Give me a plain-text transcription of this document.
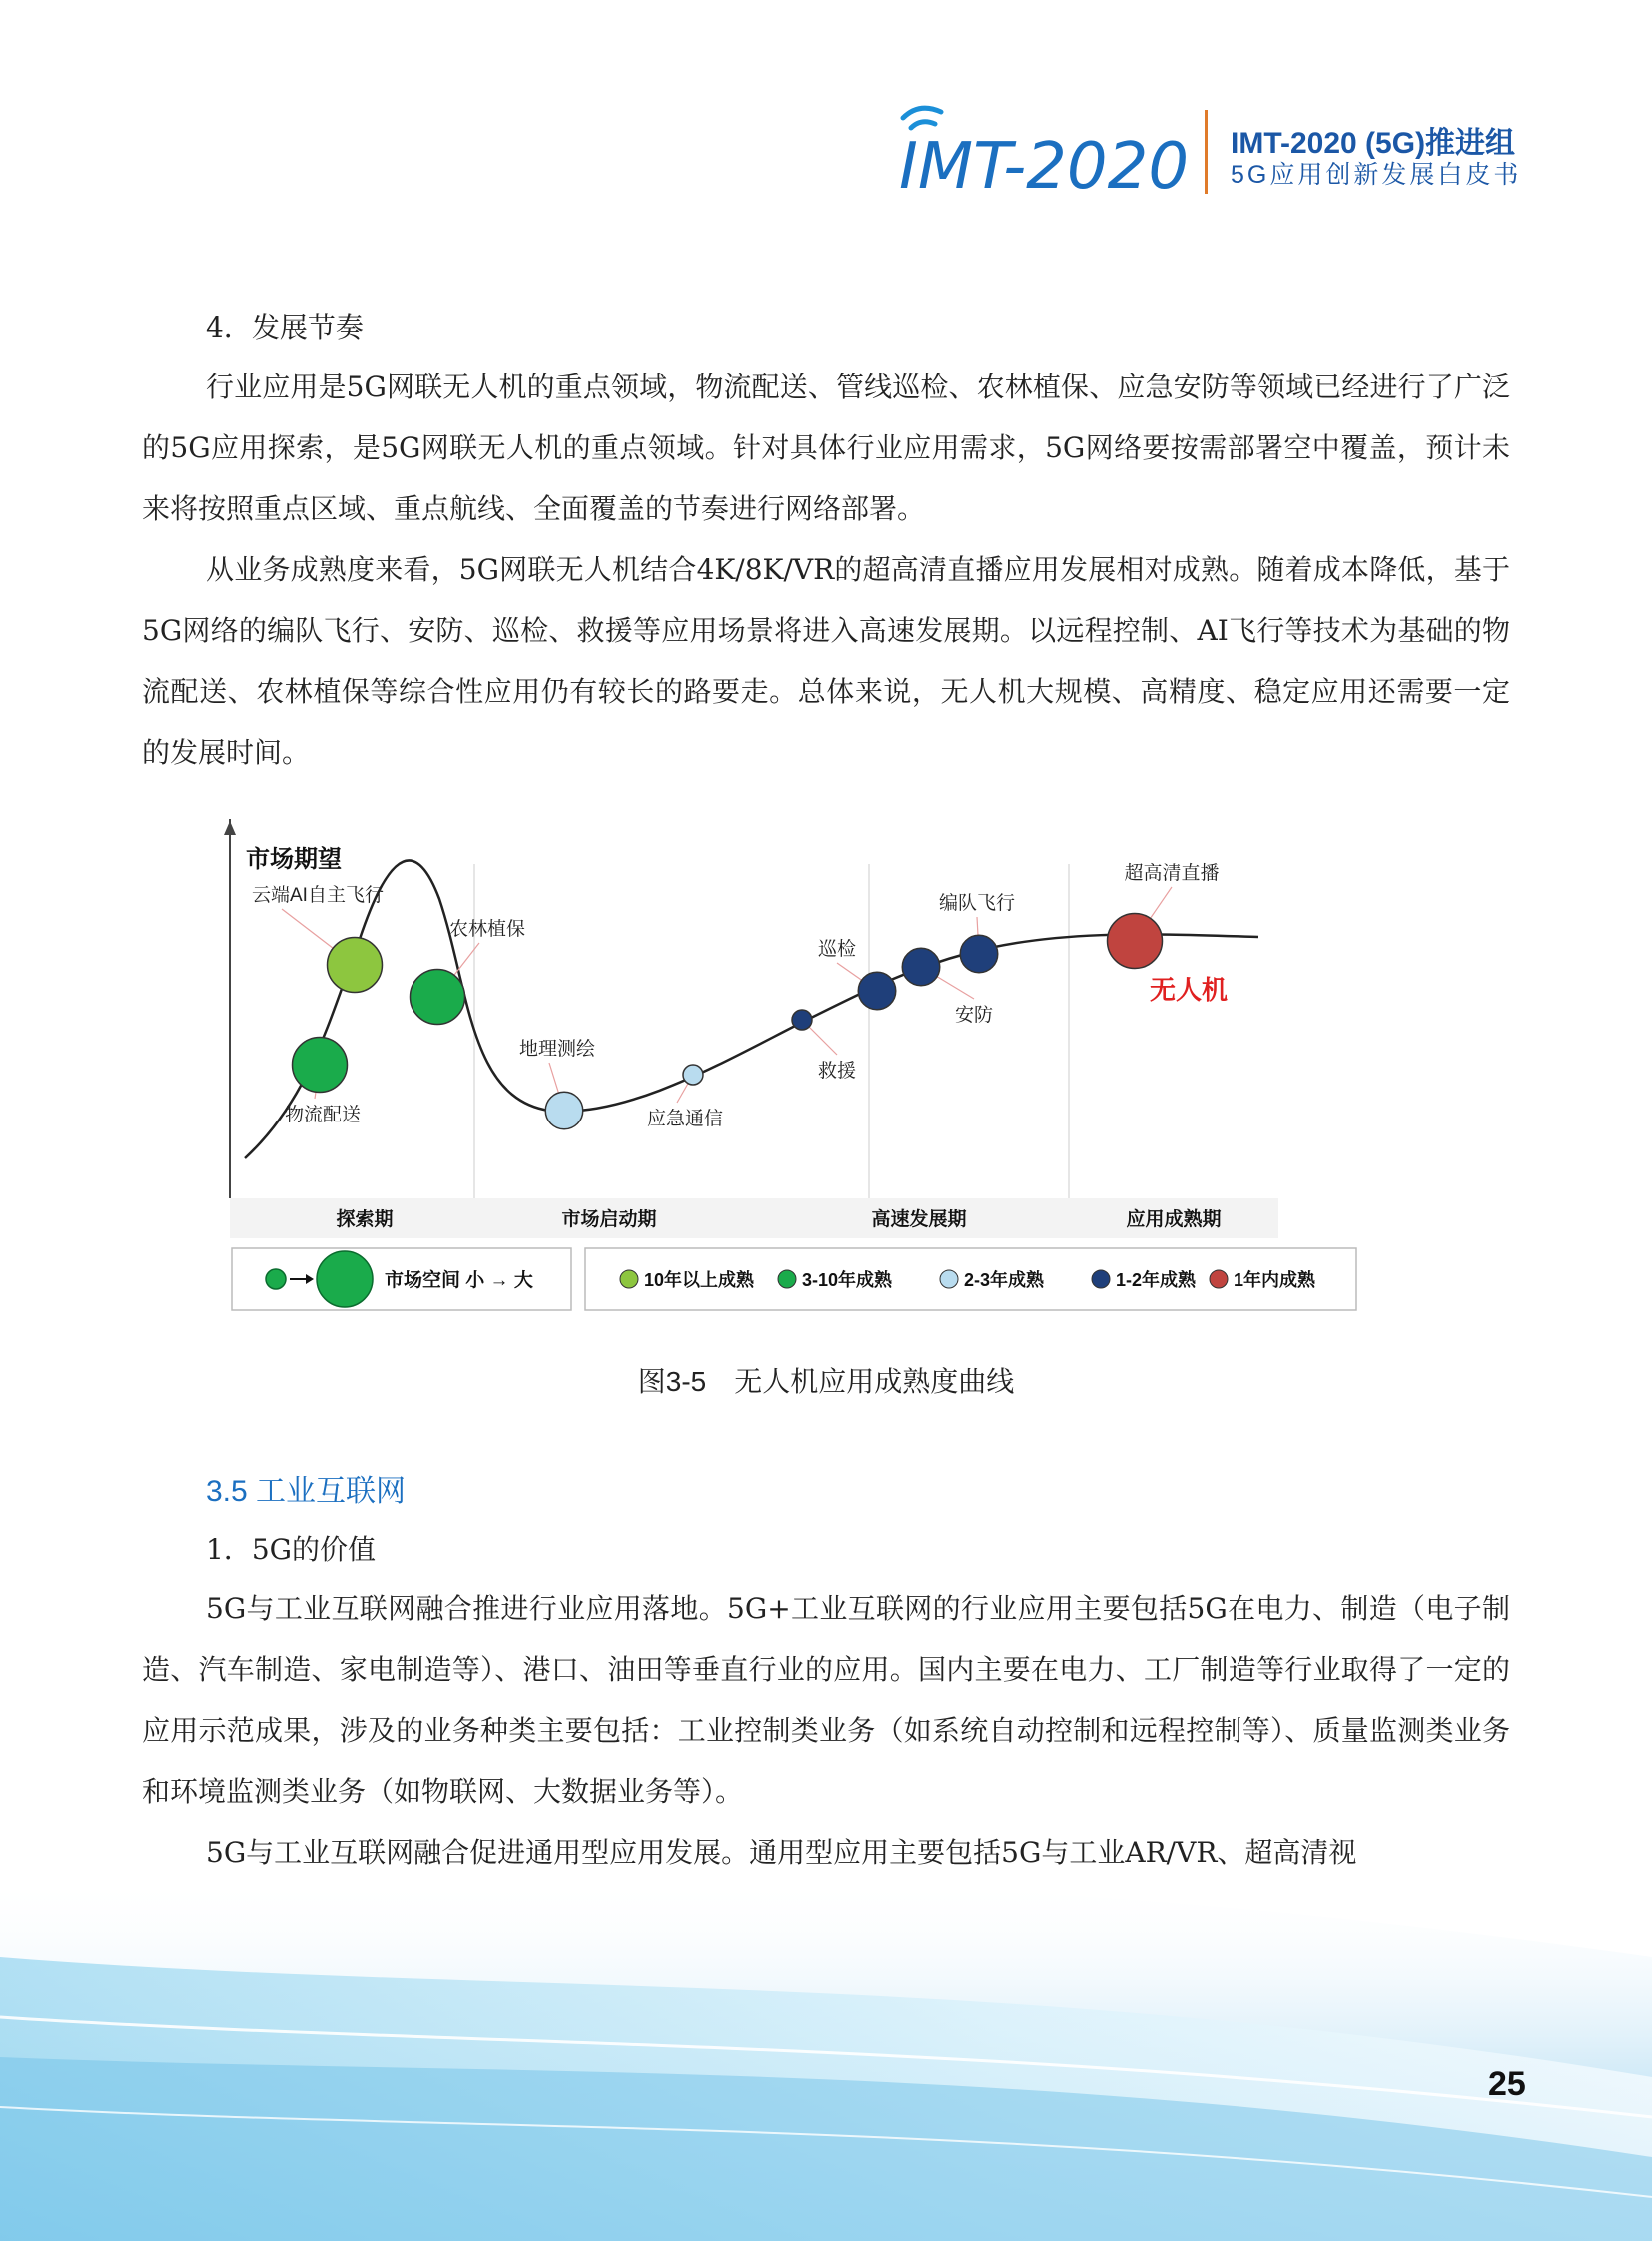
IMT-2020 IMT-2020 (5G)推进组
5G应用创新发展白皮书
4．发展节奏
行业应用是5G网联无人机的重点领域，物流配送、管线巡检、农林植保、应急安防等领域已经进行了广泛的5G应用探索，是5G网联无人机的重点领域。针对具体行业应用需求，5G网络要按需部署空中覆盖，预计未来将按照重点区域、重点航线、全面覆盖的节奏进行网络部署。
从业务成熟度来看，5G网联无人机结合4K/8K/VR的超高清直播应用发展相对成熟。随着成本降低，基于5G网络的编队飞行、安防、巡检、救援等应用场景将进入高速发展期。以远程控制、AI飞行等技术为基础的物流配送、农林植保等综合性应用仍有较长的路要走。总体来说，无人机大规模、高精度、稳定应用还需要一定的发展时间。
市场期望
探索期	市场启动期	高速发展期	应用成熟期
物流配送
云端AI自主飞行
农林植保
地理测绘
应急通信
救援
巡检
安防
编队飞行
超高清直播
无人机
市场空间 小 → 大	10年以上成熟	3-10年成熟	2-3年成熟	1-2年成熟 1年内成熟
图3-5　无人机应用成熟度曲线
3.5 工业互联网
1．5G的价值
5G与工业互联网融合推进行业应用落地。5G+工业互联网的行业应用主要包括5G在电力、制造（电子制造、汽车制造、家电制造等）、港口、油田等垂直行业的应用。国内主要在电力、工厂制造等行业取得了一定的应用示范成果，涉及的业务种类主要包括：工业控制类业务（如系统自动控制和远程控制等）、质量监测类业务和环境监测类业务（如物联网、大数据业务等）。
5G与工业互联网融合促进通用型应用发展。通用型应用主要包括5G与工业AR/VR、超高清视
25
